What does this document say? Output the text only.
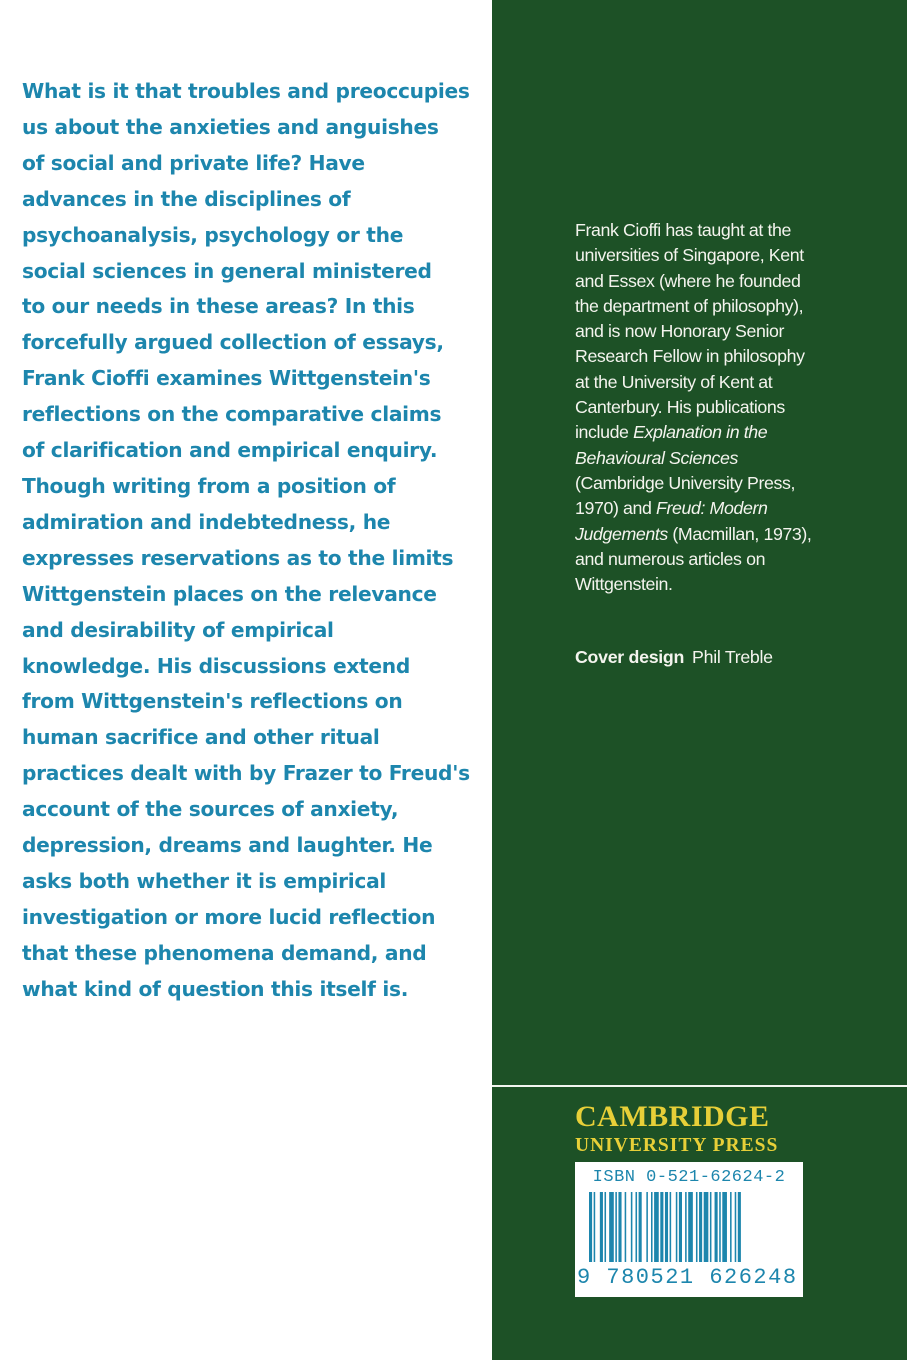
What is it that troubles and preoccupies
us about the anxieties and anguishes
of social and private life? Have
advances in the disciplines of
psychoanalysis, psychology or the
social sciences in general ministered
to our needs in these areas? In this
forcefully argued collection of essays,
Frank Cioffi examines Wittgenstein's
reflections on the comparative claims
of clarification and empirical enquiry.
Though writing from a position of
admiration and indebtedness, he
expresses reservations as to the limits
Wittgenstein places on the relevance
and desirability of empirical
knowledge. His discussions extend
from Wittgenstein's reflections on
human sacrifice and other ritual
practices dealt with by Frazer to Freud's
account of the sources of anxiety,
depression, dreams and laughter. He
asks both whether it is empirical
investigation or more lucid reflection
that these phenomena demand, and
what kind of question this itself is.
Frank Cioffi has taught at the
universities of Singapore, Kent
and Essex (where he founded
the department of philosophy),
and is now Honorary Senior
Research Fellow in philosophy
at the University of Kent at
Canterbury. His publications
include Explanation in the
Behavioural Sciences
(Cambridge University Press,
1970) and Freud: Modern
Judgements (Macmillan, 1973),
and numerous articles on
Wittgenstein.
Cover design Phil Treble
CAMBRIDGE
UNIVERSITY PRESS
ISBN 0-521-62624-2
9 780521 626248
